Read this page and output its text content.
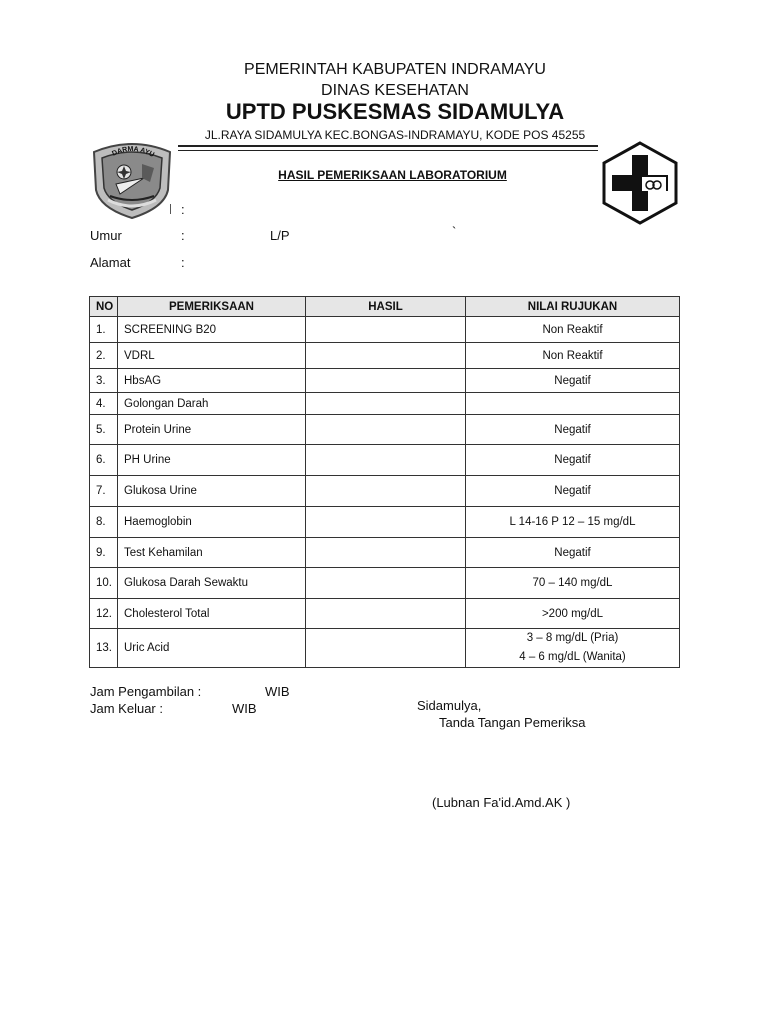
PEMERINTAH KABUPATEN INDRAMAYU
DINAS KESEHATAN
UPTD PUSKESMAS SIDAMULYA
JL.RAYA SIDAMULYA KEC.BONGAS-INDRAMAYU, KODE POS 45255
DARMA AYU
HASIL PEMERIKSAAN LABORATORIUM
:
Umur	:	L/P	`
Alamat	:
NO	PEMERIKSAAN	HASIL	NILAI RUJUKAN
1.	SCREENING B20		Non Reaktif
2.	VDRL		Non Reaktif
3.	HbsAG		Negatif
4.	Golongan Darah		
5.	Protein Urine		Negatif
6.	PH Urine		Negatif
7.	Glukosa Urine		Negatif
8.	Haemoglobin		L 14-16 P 12 – 15 mg/dL
9.	Test Kehamilan		Negatif
10.	Glukosa Darah Sewaktu		70 – 140 mg/dL
12.	Cholesterol Total		>200 mg/dL
13.	Uric Acid		3 – 8 mg/dL (Pria)
4 – 6 mg/dL (Wanita)
Jam Pengambilan :	WIB
Jam Keluar :	WIB	Sidamulya,
Tanda Tangan Pemeriksa
(Lubnan Fa'id.Amd.AK )
